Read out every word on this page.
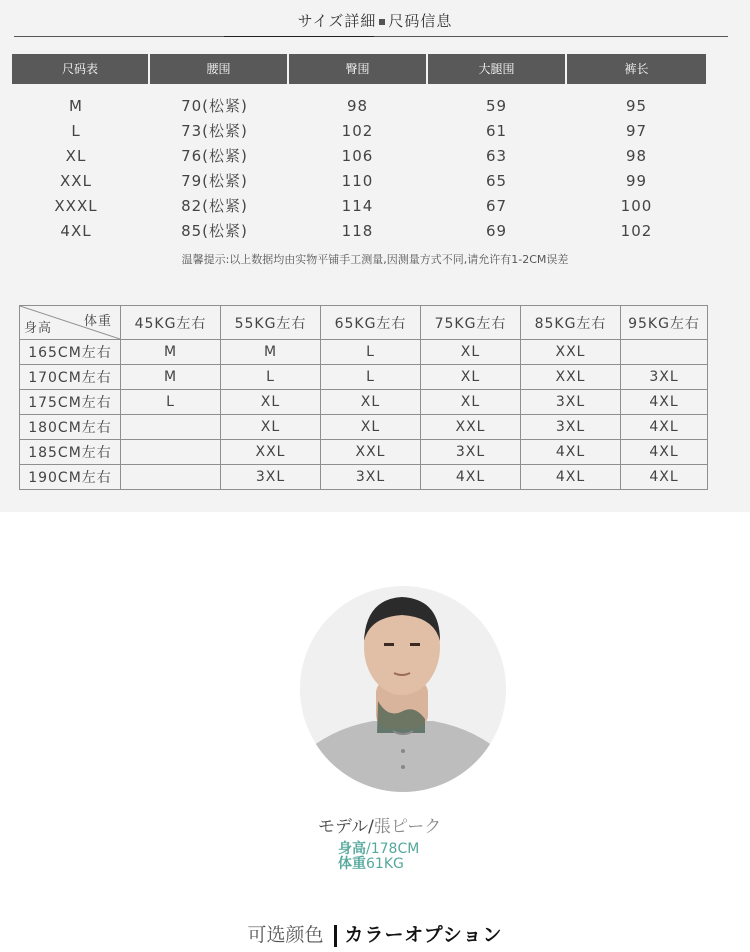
サイズ詳細 尺码信息
尺码表	腰围	臀围	大腿围	裤长
M	70(松紧)	98	59	95
L	73(松紧)	102	61	97
XL	76(松紧)	106	63	98
XXL	79(松紧)	110	65	99
XXXL	82(松紧)	114	67	100
4XL	85(松紧)	118	69	102
温馨提示:以上数据均由实物平铺手工测量,因测量方式不同,请允许有1-2CM误差
体重
身高	45KG左右	55KG左右	65KG左右	75KG左右	85KG左右	95KG左右
165CM左右	M	M	L	XL	XXL	
170CM左右	M	L	L	XL	XXL	3XL
175CM左右	L	XL	XL	XL	3XL	4XL
180CM左右		XL	XL	XXL	3XL	4XL
185CM左右		XXL	XXL	3XL	4XL	4XL
190CM左右		3XL	3XL	4XL	4XL	4XL
モデル/張ピーク
身高/178CM
体重61KG
可选颜色 カラーオプション
